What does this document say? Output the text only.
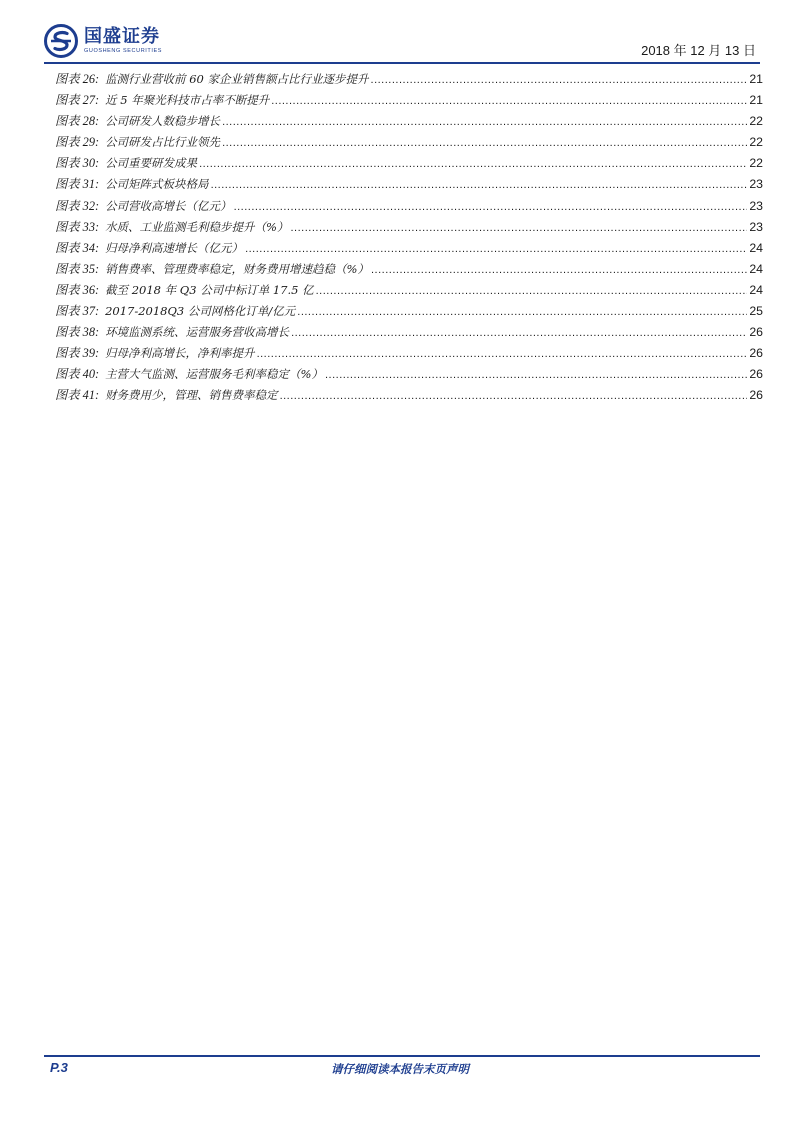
国盛证券
GUOSHENG SECURITIES	2018 年 12 月 13 日
图表 26: 监测行业营收前 60 家企业销售额占比行业逐步提升 .....	21
图表 27: 近 5 年聚光科技市占率不断提升 .....	21
图表 28: 公司研发人数稳步增长 .....	22
图表 29: 公司研发占比行业领先 .....	22
图表 30: 公司重要研发成果 .....	22
图表 31: 公司矩阵式板块格局 .....	23
图表 32: 公司营收高增长（亿元） .....	23
图表 33: 水质、工业监测毛利稳步提升（%） .....	23
图表 34: 归母净利高速增长（亿元） .....	24
图表 35: 销售费率、管理费率稳定，财务费用增速趋稳（%） .....	24
图表 36: 截至 2018 年 Q3 公司中标订单 17.5 亿 .....	24
图表 37: 2017-2018Q3 公司网格化订单/亿元 .....	25
图表 38: 环境监测系统、运营服务营收高增长 .....	26
图表 39: 归母净利高增长，净利率提升 .....	26
图表 40: 主营大气监测、运营服务毛利率稳定（%） .....	26
图表 41: 财务费用少，管理、销售费率稳定 .....	26
P.3	请仔细阅读本报告末页声明
